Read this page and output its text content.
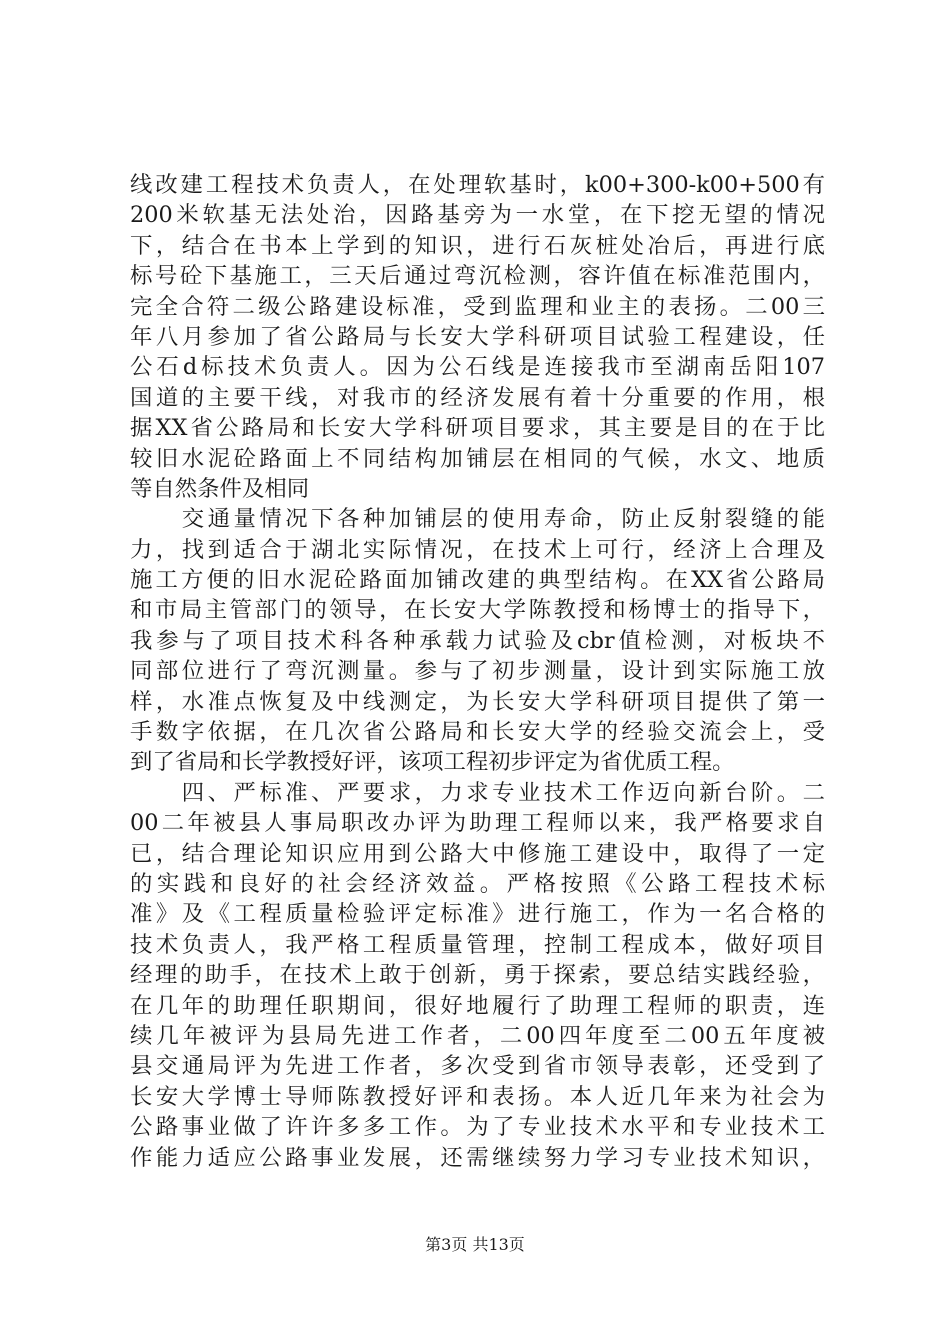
线改建工程技术负责人，在处理软基时，k00+300-k00+500有
200米软基无法处治，因路基旁为一水堂，在下挖无望的情况
下，结合在书本上学到的知识，进行石灰桩处冶后，再进行底
标号砼下基施工，三天后通过弯沉检测，容许值在标准范围内，
完全合符二级公路建设标准，受到监理和业主的表扬。二00三
年八月参加了省公路局与长安大学科研项目试验工程建设，任
公石d标技术负责人。因为公石线是连接我市至湖南岳阳107
国道的主要干线，对我市的经济发展有着十分重要的作用，根
据XX省公路局和长安大学科研项目要求，其主要是目的在于比
较旧水泥砼路面上不同结构加铺层在相同的气候，水文、地质
等自然条件及相同
　　交通量情况下各种加铺层的使用寿命，防止反射裂缝的能
力，找到适合于湖北实际情况，在技术上可行，经济上合理及
施工方便的旧水泥砼路面加铺改建的典型结构。在XX省公路局
和市局主管部门的领导，在长安大学陈教授和杨博士的指导下，
我参与了项目技术科各种承载力试验及cbr值检测，对板块不
同部位进行了弯沉测量。参与了初步测量，设计到实际施工放
样，水准点恢复及中线测定，为长安大学科研项目提供了第一
手数字依据，在几次省公路局和长安大学的经验交流会上，受
到了省局和长学教授好评，该项工程初步评定为省优质工程。
　　四、严标准、严要求，力求专业技术工作迈向新台阶。二
00二年被县人事局职改办评为助理工程师以来，我严格要求自
已，结合理论知识应用到公路大中修施工建设中，取得了一定
的实践和良好的社会经济效益。严格按照《公路工程技术标
准》及《工程质量检验评定标准》进行施工，作为一名合格的
技术负责人，我严格工程质量管理，控制工程成本，做好项目
经理的助手，在技术上敢于创新，勇于探索，要总结实践经验，
在几年的助理任职期间，很好地履行了助理工程师的职责，连
续几年被评为县局先进工作者，二00四年度至二00五年度被
县交通局评为先进工作者，多次受到省市领导表彰，还受到了
长安大学博士导师陈教授好评和表扬。本人近几年来为社会为
公路事业做了许许多多工作。为了专业技术水平和专业技术工
作能力适应公路事业发展，还需继续努力学习专业技术知识，
第3页 共13页
